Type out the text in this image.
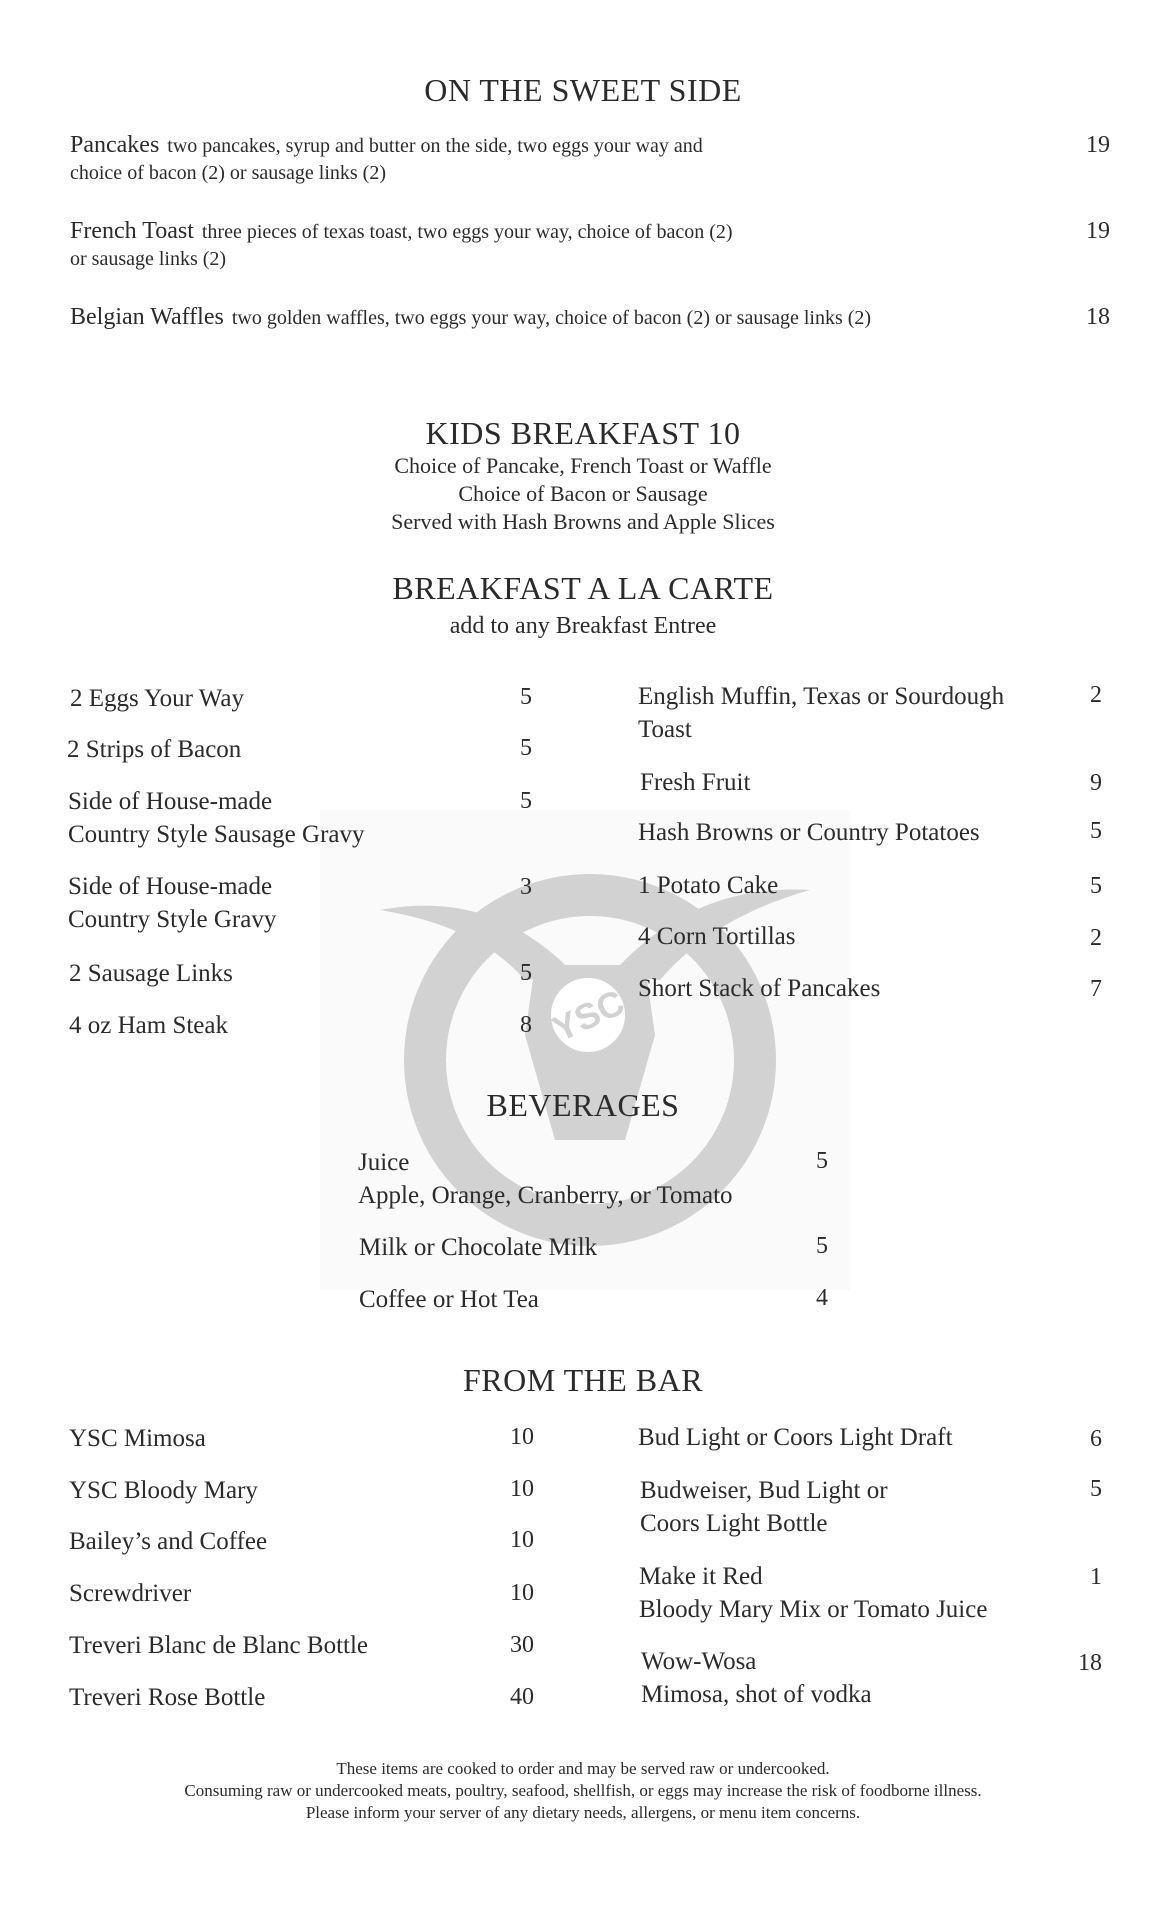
YSC
ON THE SWEET SIDE
Pancakes two pancakes, syrup and butter on the side, two eggs your way and
choice of bacon (2) or sausage links (2)
19
French Toast three pieces of texas toast, two eggs your way, choice of bacon (2)
or sausage links (2)
19
Belgian Waffles two golden waffles, two eggs your way, choice of bacon (2) or sausage links (2)	18
KIDS BREAKFAST 10
Choice of Pancake, French Toast or Waffle
Choice of Bacon or Sausage
Served with Hash Browns and Apple Slices
BREAKFAST A LA CARTE
add to any Breakfast Entree
2 Eggs Your Way	5
2 Strips of Bacon	5
Side of House-made
Country Style Sausage Gravy
5
Side of House-made
Country Style Gravy
3
2 Sausage Links	5
4 oz Ham Steak	8
English Muffin, Texas or Sourdough
Toast
2
Fresh Fruit	9
Hash Browns or Country Potatoes	5
1 Potato Cake	5
4 Corn Tortillas	2
Short Stack of Pancakes	7
BEVERAGES
Juice
Apple, Orange, Cranberry, or Tomato
5
Milk or Chocolate Milk	5
Coffee or Hot Tea	4
FROM THE BAR
YSC Mimosa	10
YSC Bloody Mary	10
Bailey’s and Coffee	10
Screwdriver	10
Treveri Blanc de Blanc Bottle	30
Treveri Rose Bottle	40
Bud Light or Coors Light Draft	6
Budweiser, Bud Light or
Coors Light Bottle
5
Make it Red
Bloody Mary Mix or Tomato Juice
1
Wow-Wosa
Mimosa, shot of vodka
18
These items are cooked to order and may be served raw or undercooked.
Consuming raw or undercooked meats, poultry, seafood, shellfish, or eggs may increase the risk of foodborne illness.
Please inform your server of any dietary needs, allergens, or menu item concerns.
